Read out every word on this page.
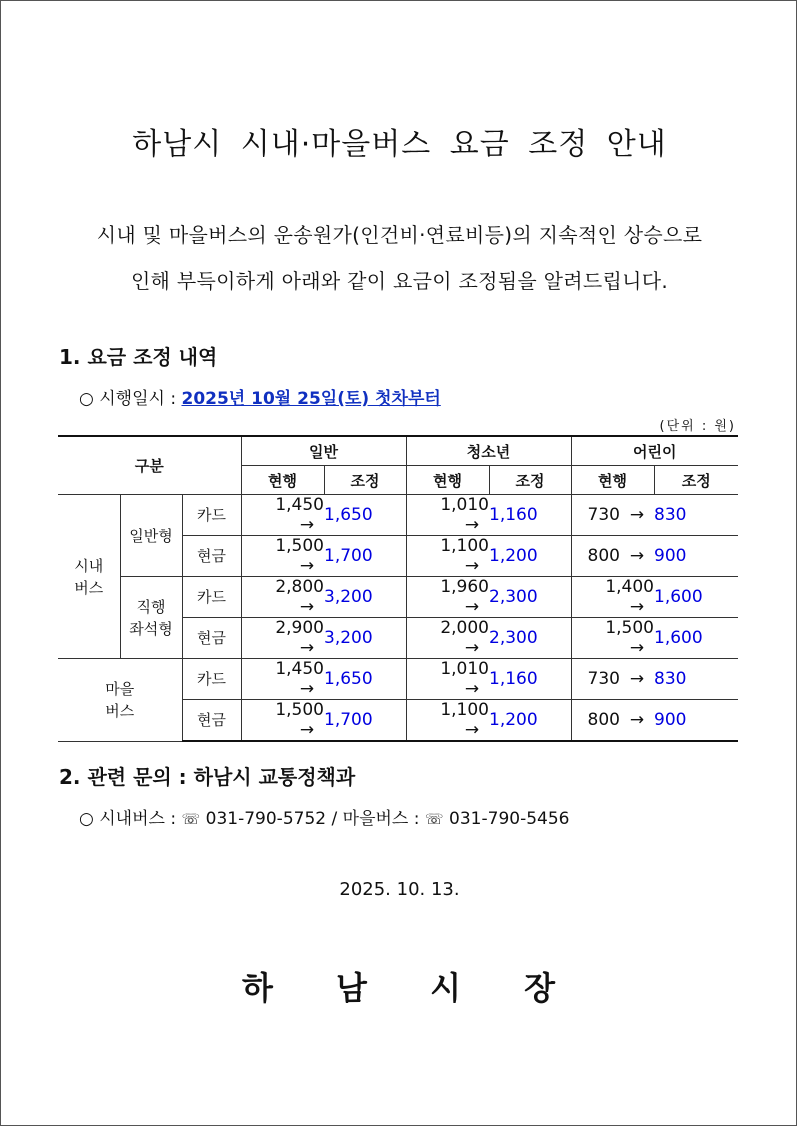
하남시 시내·마을버스 요금 조정 안내
시내 및 마을버스의 운송원가(인건비·연료비등)의 지속적인 상승으로
인해 부득이하게 아래와 같이 요금이 조정됨을 알려드립니다.
1. 요금 조정 내역
○ 시행일시 : 2025년 10월 25일(토) 첫차부터
(단위 : 원)
구분			일반		청소년		어린이	
			현행	조정	현행	조정	현행	조정
시내
버스	일반형	카드	1,450→	1,650	1,010→	1,160	730 →	830
		현금	1,500→	1,700	1,100→	1,200	800 →	900
	직행
좌석형	카드	2,800→	3,200	1,960→	2,300	1,400→	1,600
		현금	2,900→	3,200	2,000→	2,300	1,500→	1,600
마을
버스		카드	1,450→	1,650	1,010→	1,160	730 →	830
		현금	1,500→	1,700	1,100→	1,200	800 →	900
2. 관련 문의 : 하남시 교통정책과
○ 시내버스 : ☏ 031-790-5752 / 마을버스 : ☏ 031-790-5456
2025. 10. 13.
하 남 시 장
